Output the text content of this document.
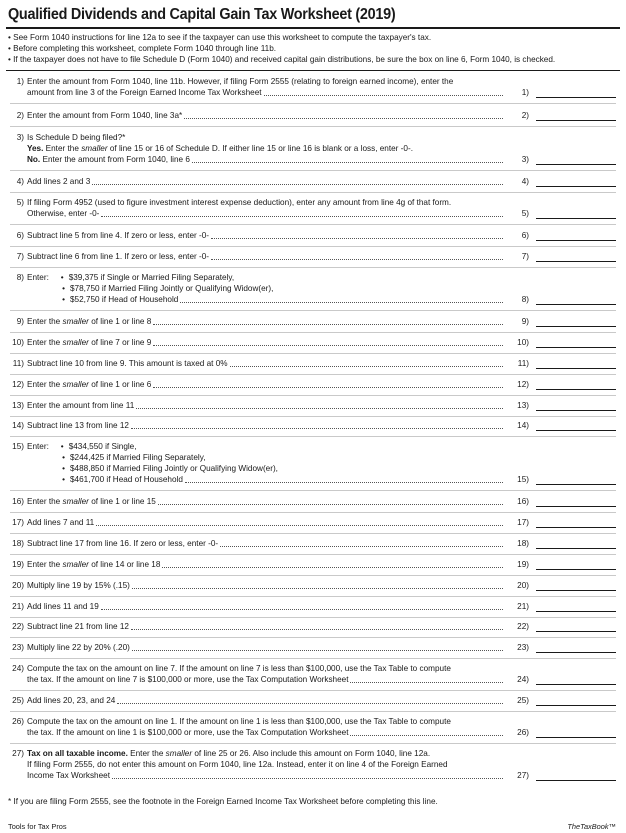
Qualified Dividends and Capital Gain Tax Worksheet (2019)
• See Form 1040 instructions for line 12a to see if the taxpayer can use this worksheet to compute the taxpayer's tax.
• Before completing this worksheet, complete Form 1040 through line 11b.
• If the taxpayer does not have to file Schedule D (Form 1040) and received capital gain distributions, be sure the box on line 6, Form 1040, is checked.
1) Enter the amount from Form 1040, line 11b. However, if filing Form 2555 (relating to foreign earned income), enter the
amount from line 3 of the Foreign Earned Income Tax Worksheet	1)
2) Enter the amount from Form 1040, line 3a*	2)
3) Is Schedule D being filed?*
Yes. Enter the smaller of line 15 or 16 of Schedule D. If either line 15 or line 16 is blank or a loss, enter -0-.
No. Enter the amount from Form 1040, line 6	3)
4) Add lines 2 and 3	4)
5) If filing Form 4952 (used to figure investment interest expense deduction), enter any amount from line 4g of that form.
Otherwise, enter -0-	5)
6) Subtract line 5 from line 4. If zero or less, enter -0-	6)
7) Subtract line 6 from line 1. If zero or less, enter -0-	7)
8) Enter: • $39,375 if Single or Married Filing Separately,
• $78,750 if Married Filing Jointly or Qualifying Widow(er),
• $52,750 if Head of Household	8)
9) Enter the smaller of line 1 or line 8	9)
10) Enter the smaller of line 7 or line 9	10)
11) Subtract line 10 from line 9. This amount is taxed at 0%	11)
12) Enter the smaller of line 1 or line 6	12)
13) Enter the amount from line 11	13)
14) Subtract line 13 from line 12	14)
15) Enter: • $434,550 if Single,
• $244,425 if Married Filing Separately,
• $488,850 if Married Filing Jointly or Qualifying Widow(er),
• $461,700 if Head of Household	15)
16) Enter the smaller of line 1 or line 15	16)
17) Add lines 7 and 11	17)
18) Subtract line 17 from line 16. If zero or less, enter -0-	18)
19) Enter the smaller of line 14 or line 18	19)
20) Multiply line 19 by 15% (.15)	20)
21) Add lines 11 and 19	21)
22) Subtract line 21 from line 12	22)
23) Multiply line 22 by 20% (.20)	23)
24) Compute the tax on the amount on line 7. If the amount on line 7 is less than $100,000, use the Tax Table to compute
the tax. If the amount on line 7 is $100,000 or more, use the Tax Computation Worksheet	24)
25) Add lines 20, 23, and 24	25)
26) Compute the tax on the amount on line 1. If the amount on line 1 is less than $100,000, use the Tax Table to compute
the tax. If the amount on line 1 is $100,000 or more, use the Tax Computation Worksheet	26)
27) Tax on all taxable income. Enter the smaller of line 25 or 26. Also include this amount on Form 1040, line 12a.
If filing Form 2555, do not enter this amount on Form 1040, line 12a. Instead, enter it on line 4 of the Foreign Earned
Income Tax Worksheet	27)
* If you are filing Form 2555, see the footnote in the Foreign Earned Income Tax Worksheet before completing this line.
Tools for Tax Pros	TheTaxBook™
